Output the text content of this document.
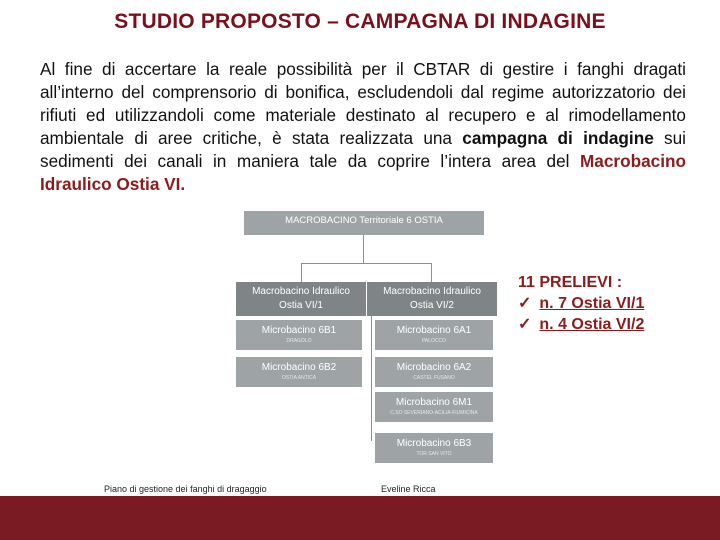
STUDIO PROPOSTO – CAMPAGNA DI INDAGINE

Al fine di accertare la reale possibilità per il CBTAR di gestire i fanghi dragati all’interno del comprensorio di bonifica, escludendoli dal regime autorizzatorio dei rifiuti ed utilizzandoli come materiale destinato al recupero e al rimodellamento ambientale di aree critiche, è stata realizzata una campagna di indagine sui sedimenti dei canali in maniera tale da coprire l’intera area del Macrobacino Idraulico Ostia VI.

MACROBACINO Territoriale 6 OSTIA
Macrobacino Idraulico
Ostia VI/1
Macrobacino Idraulico
Ostia VI/2
Microbacino 6B1
DRAGOLO
Microbacino 6B2
OSTIA ANTICA
Microbacino 6A1
PALOCCO
Microbacino 6A2
CASTEL FUSANO
Microbacino 6M1
C.SO SEVERIANO-ACILIA-FIUMICINA
Microbacino 6B3
TOR SAN VITO
11 PRELIEVI :
✓ n. 7 Ostia VI/1
✓ n. 4 Ostia VI/2
Piano di gestione dei fanghi di dragaggio	Eveline Ricca
